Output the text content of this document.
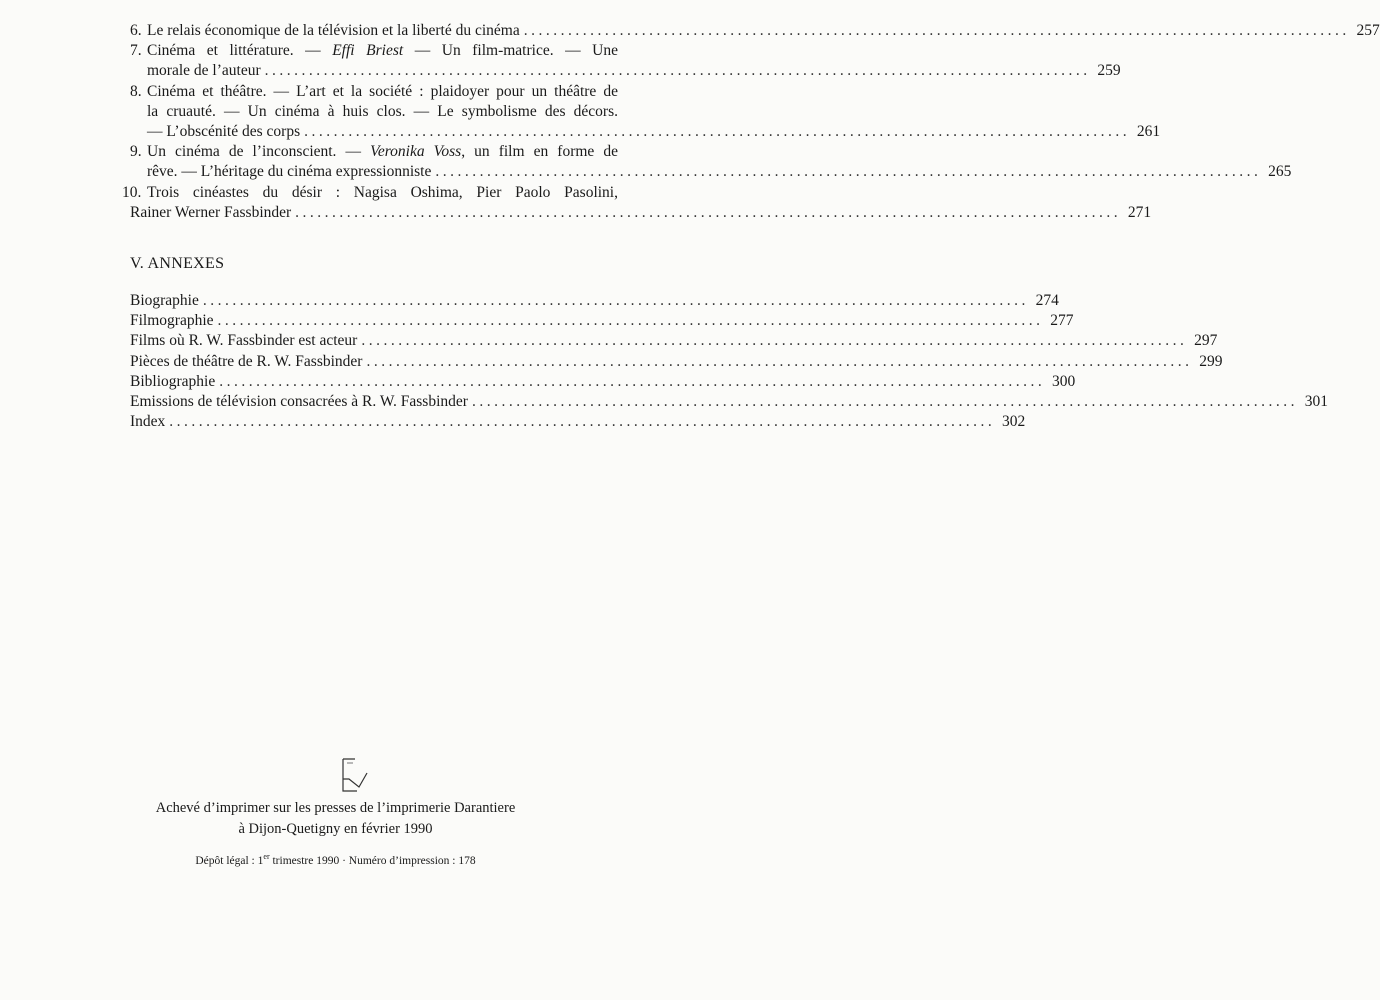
6. Le relais économique de la télévision et la liberté du cinéma ................................................................................................................ 257
7. Cinéma et littérature. — Effi Briest — Un film-matrice. — Une
morale de l’auteur ................................................................................................................ 259
8. Cinéma et théâtre. — L’art et la société : plaidoyer pour un théâtre de
la cruauté. — Un cinéma à huis clos. — Le symbolisme des décors.
— L’obscénité des corps ................................................................................................................ 261
9. Un cinéma de l’inconscient. — Veronika Voss, un film en forme de
rêve. — L’héritage du cinéma expressionniste ................................................................................................................ 265
10. Trois cinéastes du désir : Nagisa Oshima, Pier Paolo Pasolini,
Rainer Werner Fassbinder ................................................................................................................ 271
V. ANNEXES
Biographie ................................................................................................................ 274
Filmographie ................................................................................................................ 277
Films où R. W. Fassbinder est acteur ................................................................................................................ 297
Pièces de théâtre de R. W. Fassbinder ................................................................................................................ 299
Bibliographie ................................................................................................................ 300
Emissions de télévision consacrées à R. W. Fassbinder ................................................................................................................ 301
Index ................................................................................................................ 302
Achevé d’imprimer sur les presses de l’imprimerie Darantiere
à Dijon-Quetigny en février 1990
Dépôt légal : 1er trimestre 1990 · Numéro d’impression : 178
